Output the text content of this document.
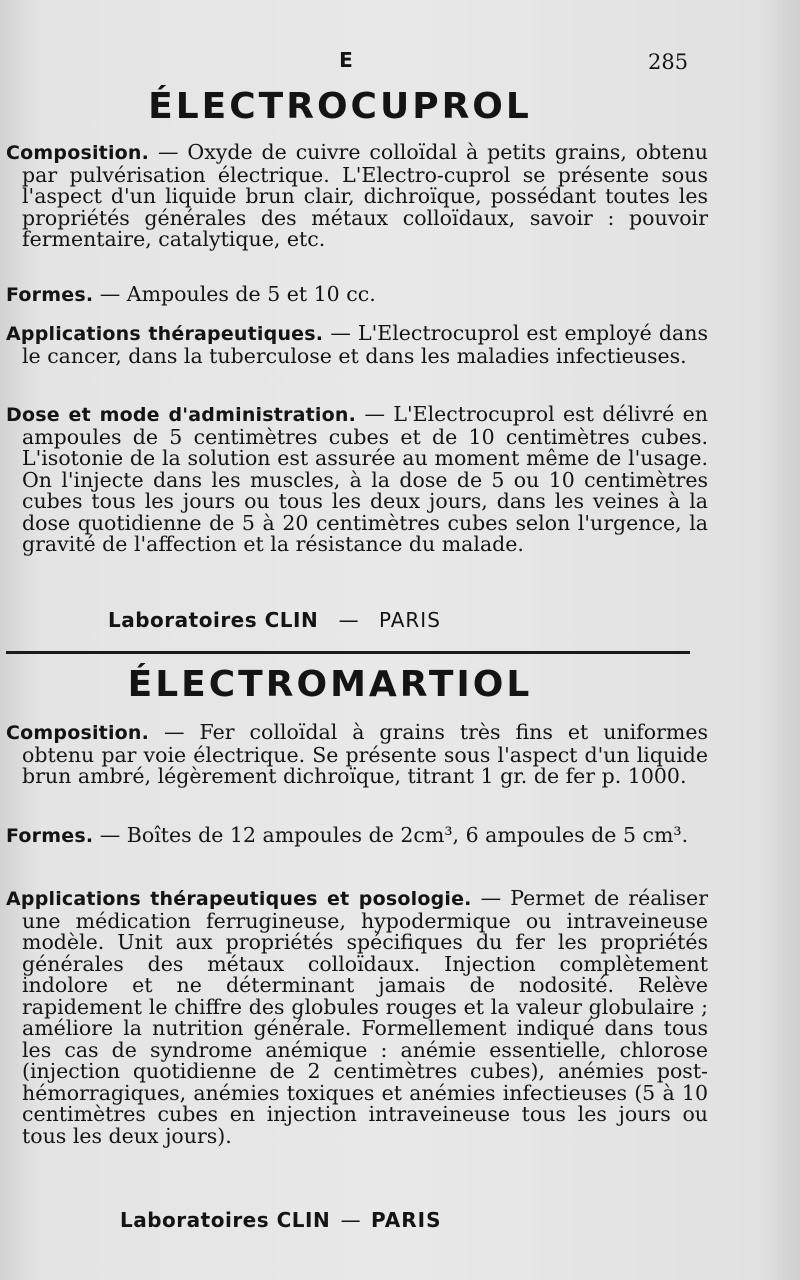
E	285
ÉLECTROCUPROL

Composition. — Oxyde de cuivre colloïdal à petits grains, obtenu par pulvérisation électrique. L'Electro-cuprol se présente sous l'aspect d'un liquide brun clair, dichroïque, possédant toutes les propriétés générales des métaux colloïdaux, savoir : pouvoir fermentaire, catalytique, etc.

Formes. — Ampoules de 5 et 10 cc.

Applications thérapeutiques. — L'Electrocuprol est employé dans le cancer, dans la tuberculose et dans les maladies infectieuses.

Dose et mode d'administration. — L'Electrocuprol est délivré en ampoules de 5 centimètres cubes et de 10 centimètres cubes. L'isotonie de la solution est assurée au moment même de l'usage. On l'injecte dans les muscles, à la dose de 5 ou 10 centimètres cubes tous les jours ou tous les deux jours, dans les veines à la dose quotidienne de 5 à 20 centimètres cubes selon l'urgence, la gravité de l'affection et la résistance du malade.

Laboratoires CLIN — PARIS
ÉLECTROMARTIOL

Composition. — Fer colloïdal à grains très fins et uniformes obtenu par voie électrique. Se présente sous l'aspect d'un liquide brun ambré, légèrement dichroïque, titrant 1 gr. de fer p. 1000.

Formes. — Boîtes de 12 ampoules de 2cm³, 6 ampoules de 5 cm³.

Applications thérapeutiques et posologie. — Permet de réaliser une médication ferrugineuse, hypodermique ou intraveineuse modèle. Unit aux propriétés spécifiques du fer les propriétés générales des métaux colloïdaux. Injection complètement indolore et ne déterminant jamais de nodosité. Relève rapidement le chiffre des globules rouges et la valeur globulaire ; améliore la nutrition générale. Formellement indiqué dans tous les cas de syndrome anémique : anémie essentielle, chlorose (injection quotidienne de 2 centimètres cubes), anémies post-hémorragiques, anémies toxiques et anémies infectieuses (5 à 10 centimètres cubes en injection intraveineuse tous les jours ou tous les deux jours).

Laboratoires CLIN — PARIS
